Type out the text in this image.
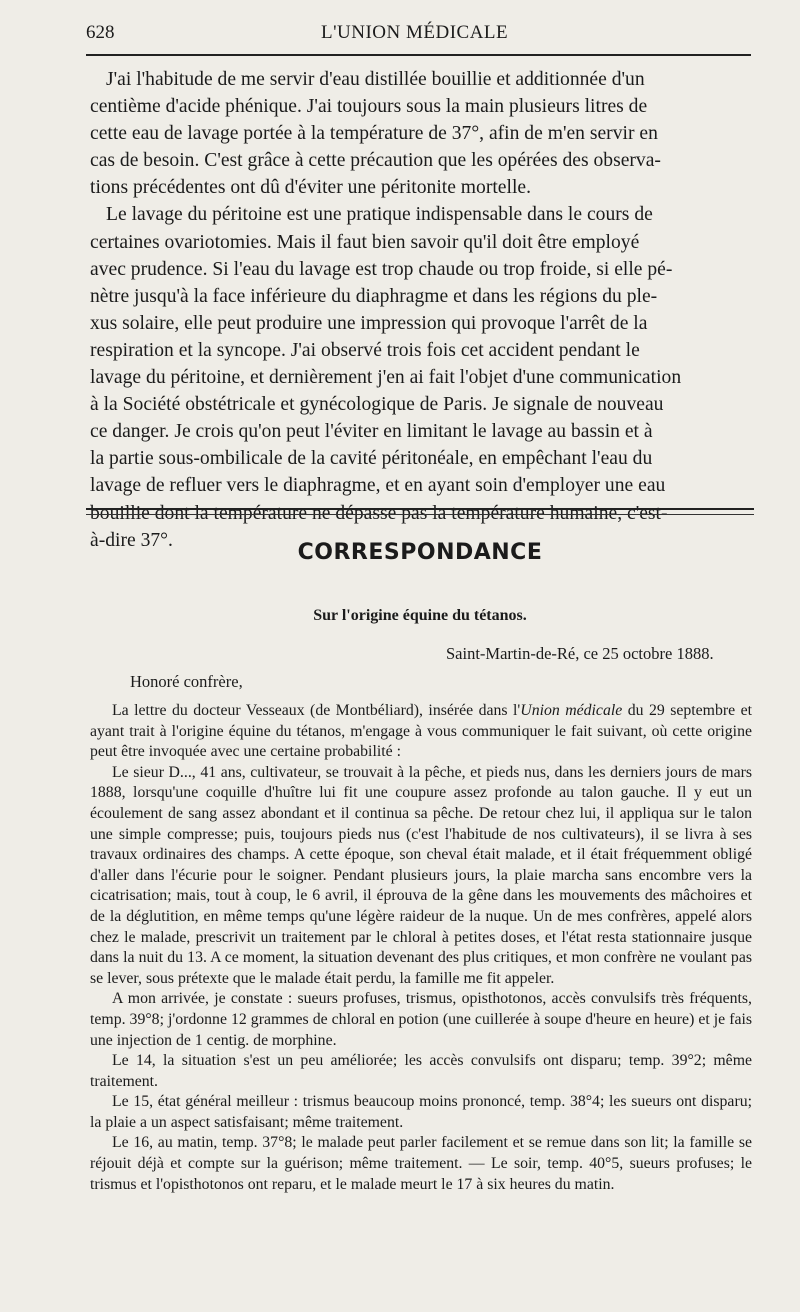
628	L'UNION MÉDICALE
J'ai l'habitude de me servir d'eau distillée bouillie et additionnée d'un
centième d'acide phénique. J'ai toujours sous la main plusieurs litres de
cette eau de lavage portée à la température de 37°, afin de m'en servir en
cas de besoin. C'est grâce à cette précaution que les opérées des observa-
tions précédentes ont dû d'éviter une péritonite mortelle.
Le lavage du péritoine est une pratique indispensable dans le cours de
certaines ovariotomies. Mais il faut bien savoir qu'il doit être employé
avec prudence. Si l'eau du lavage est trop chaude ou trop froide, si elle pé-
nètre jusqu'à la face inférieure du diaphragme et dans les régions du ple-
xus solaire, elle peut produire une impression qui provoque l'arrêt de la
respiration et la syncope. J'ai observé trois fois cet accident pendant le
lavage du péritoine, et dernièrement j'en ai fait l'objet d'une communication
à la Société obstétricale et gynécologique de Paris. Je signale de nouveau
ce danger. Je crois qu'on peut l'éviter en limitant le lavage au bassin et à
la partie sous-ombilicale de la cavité péritonéale, en empêchant l'eau du
lavage de refluer vers le diaphragme, et en ayant soin d'employer une eau
bouillie dont la température ne dépasse pas la température humaine, c'est-
à-dire 37°.	CORRESPONDANCE
Sur l'origine équine du tétanos.
Saint-Martin-de-Ré, ce 25 octobre 1888.
Honoré confrère,

La lettre du docteur Vesseaux (de Montbéliard), insérée dans l'Union médicale du 29 septembre et ayant trait à l'origine équine du tétanos, m'engage à vous communiquer le fait suivant, où cette origine peut être invoquée avec une certaine probabilité :

Le sieur D..., 41 ans, cultivateur, se trouvait à la pêche, et pieds nus, dans les derniers jours de mars 1888, lorsqu'une coquille d'huître lui fit une coupure assez profonde au talon gauche. Il y eut un écoulement de sang assez abondant et il continua sa pêche. De retour chez lui, il appliqua sur le talon une simple compresse; puis, toujours pieds nus (c'est l'habitude de nos cultivateurs), il se livra à ses travaux ordinaires des champs. A cette époque, son cheval était malade, et il était fréquemment obligé d'aller dans l'écurie pour le soigner. Pendant plusieurs jours, la plaie marcha sans encombre vers la cicatrisation; mais, tout à coup, le 6 avril, il éprouva de la gêne dans les mouvements des mâchoires et de la déglutition, en même temps qu'une légère raideur de la nuque. Un de mes confrères, appelé alors chez le malade, prescrivit un traitement par le chloral à petites doses, et l'état resta stationnaire jusque dans la nuit du 13. A ce moment, la situation devenant des plus critiques, et mon confrère ne voulant pas se lever, sous prétexte que le malade était perdu, la famille me fit appeler.

A mon arrivée, je constate : sueurs profuses, trismus, opisthotonos, accès convulsifs très fréquents, temp. 39°8; j'ordonne 12 grammes de chloral en potion (une cuillerée à soupe d'heure en heure) et je fais une injection de 1 centig. de morphine.

Le 14, la situation s'est un peu améliorée; les accès convulsifs ont disparu; temp. 39°2; même traitement.

Le 15, état général meilleur : trismus beaucoup moins prononcé, temp. 38°4; les sueurs ont disparu; la plaie a un aspect satisfaisant; même traitement.

Le 16, au matin, temp. 37°8; le malade peut parler facilement et se remue dans son lit; la famille se réjouit déjà et compte sur la guérison; même traitement. — Le soir, temp. 40°5, sueurs profuses; le trismus et l'opisthotonos ont reparu, et le malade meurt le 17 à six heures du matin.
